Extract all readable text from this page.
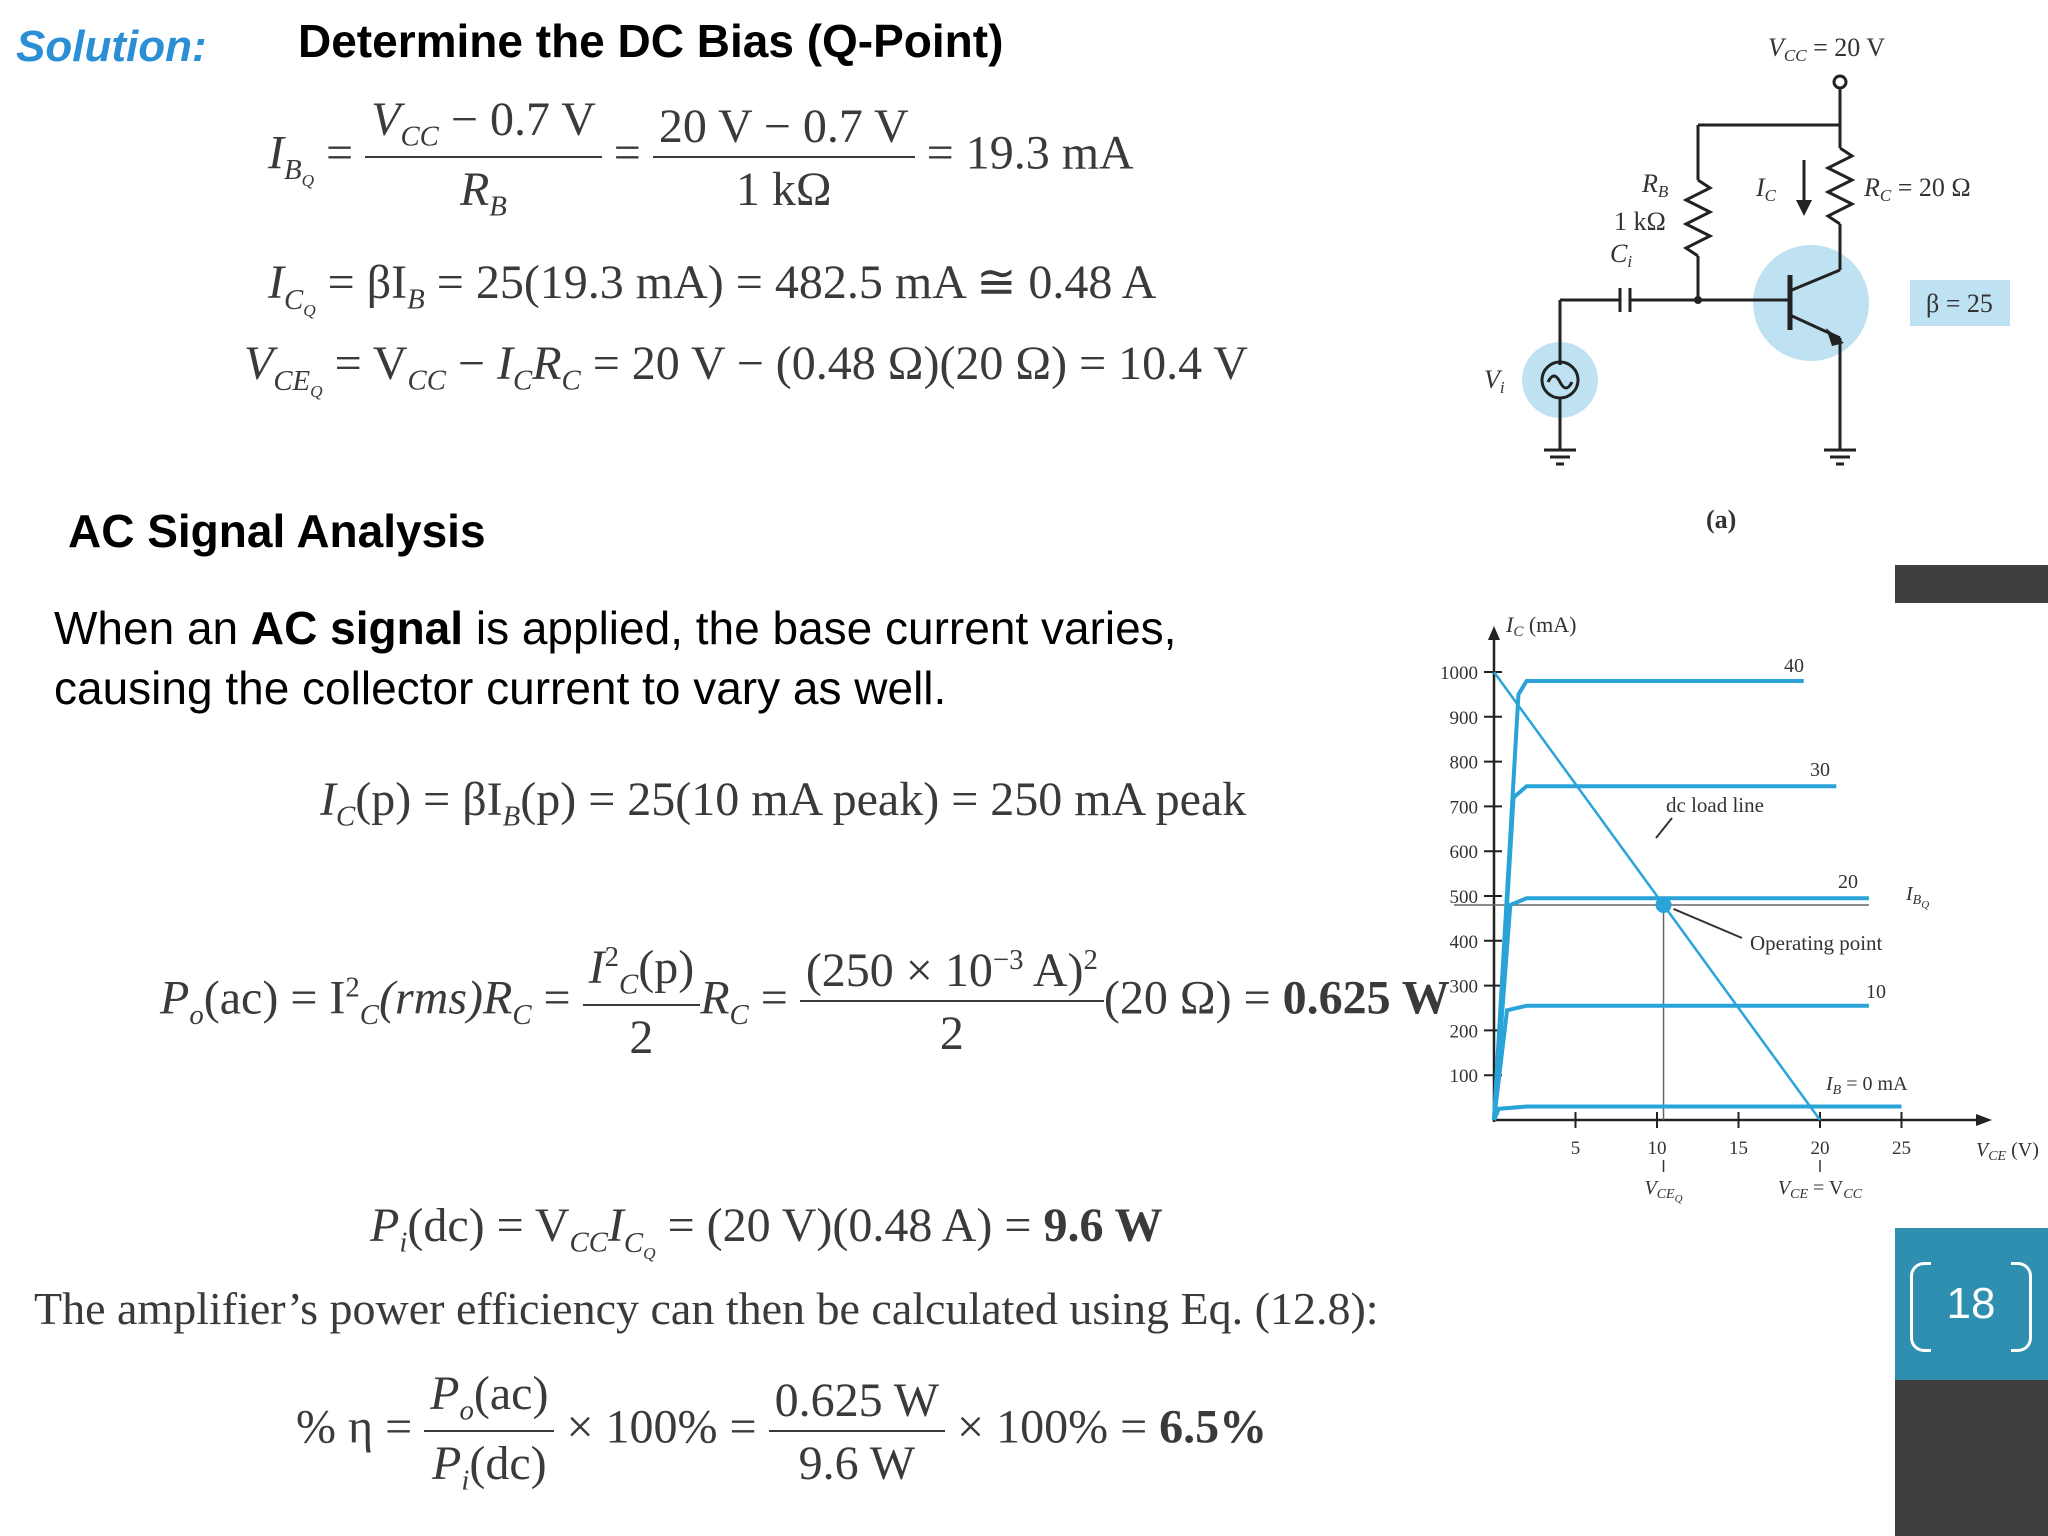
18
Solution: Determine the DC Bias (Q-Point)
$I_{B_Q} = \frac{V_{CC} - 0.7 V}{R_B} = \frac{20 V - 0.7 V}{1 k\Omega} = 19.3$ mA
$I_{C_Q} = \beta I_B = 25(19.3$ mA) = 482.5 mA ≅ 0.48 A
$V_{CE_Q} = V_{CC} - I_CR_C = 20$ V − (0.48 Ω)(20 Ω) = 10.4 V
AC Signal Analysis
When an AC signal is applied, the base current varies, causing the collector current to vary as well.
$I_C(p) = \beta I_B(p) = 25(10$ mA peak) = 250 mA peak
$P_o(ac) = I^2_C(rms)R_C = \frac{I^2_C(p)}{2} R_C = \frac{(250 \times 10^{-3} A)^2}{2} (20$ Ω) = 0.625 W
$P_i(dc) = V_{CC}I_{C_Q} = (20$ V)(0.48 A) = 9.6 W
The amplifier’s power efficiency can then be calculated using Eq. (12.8):
% $\eta = \frac{P_o(ac)}{P_i(dc)} \times 100\% = \frac{0.625 W}{9.6 W} \times 100\% = 6.5\%$
VCC = 20 V
RB
1 kΩ
Ci
IC	RC = 20 Ω
β = 25
Vi
(a)
100
200
300
400
500
600
700
800
900
1000
5	10	15	20	25
IC (mA)
$V_{CE}$ (V)
dc load line
Operating point
$I_{BQ}$
$I_B = 0$ mA
40
30
20
10
$V_{CEQ}$	$V_{CE} = V_{CC}$
